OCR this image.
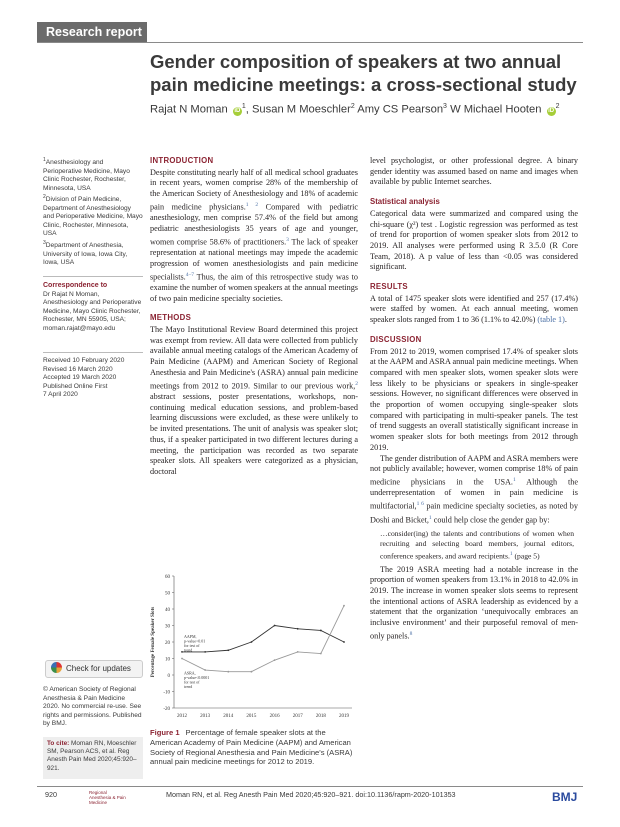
Research report
Gender composition of speakers at two annual pain medicine meetings: a cross-sectional study
Rajat N Moman $iD^1$, Susan M Moeschler$^2$ Amy CS Pearson$^3$ W Michael Hooten $iD^2$
$^1$Anesthesiology and Perioperative Medicine, Mayo Clinic Rochester, Rochester, Minnesota, USA
$^2$Division of Pain Medicine, Department of Anesthesiology and Perioperative Medicine, Mayo Clinic, Rochester, Minnesota, USA
$^3$Department of Anesthesia, University of Iowa, Iowa City, Iowa, USA
Correspondence to
Dr Rajat N Moman, Anesthesiology and Perioperative Medicine, Mayo Clinic Rochester, Rochester, MN 55905, USA; moman.rajat@mayo.edu
Received 10 February 2020
Revised 16 March 2020
Accepted 19 March 2020
Published Online First
7 April 2020
Check for updates
© American Society of Regional Anesthesia & Pain Medicine 2020. No commercial re-use. See rights and permissions. Published by BMJ.
To cite: Moman RN, Moeschler SM, Pearson ACS, et al. Reg Anesth Pain Med 2020;45:920–921.
INTRODUCTION

Despite constituting nearly half of all medical school graduates in recent years, women comprise 28% of the membership of the American Society of Anesthesiology and 18% of academic pain medicine physicians.$^{1 2}$ Compared with pediatric anesthesiology, men comprise 57.4% of the field but among pediatric anesthesiologists 35 years of age and younger, women comprise 58.6% of practitioners.$^3$ The lack of speaker representation at national meetings may impede the academic progression of women anesthesiologists and pain medicine specialists.$^{4-7}$ Thus, the aim of this retrospective study was to examine the number of women speakers at the annual meetings of two pain medicine specialty societies.

METHODS

The Mayo Institutional Review Board determined this project was exempt from review. All data were collected from publicly available annual meeting catalogs of the American Academy of Pain Medicine (AAPM) and American Society of Regional Anesthesia and Pain Medicine's (ASRA) annual pain medicine meetings from 2012 to 2019. Similar to our previous work,$^2$ abstract sessions, poster presentations, workshops, non-continuing medical education sessions, and problem-based learning discussions were excluded, as these were unlikely to be invited presentations. The unit of analysis was speaker slot; thus, if a speaker participated in two different lectures during a meeting, the participation was recorded as two separate speaker slots. All speakers were categorized as a physician, doctoral

level psychologist, or other professional degree. A binary gender identity was assumed based on name and images when available by public Internet searches.

Statistical analysis

Categorical data were summarized and compared using the chi-square (χ²) test . Logistic regression was performed as test of trend for proportion of women speaker slots from 2012 to 2019. All analyses were performed using R 3.5.0 (R Core Team, 2018). A p value of less than <0.05 was considered significant.

RESULTS

A total of 1475 speaker slots were identified and 257 (17.4%) were staffed by women. At each annual meeting, women speaker slots ranged from 1 to 36 (1.1% to 42.0%) (table 1).

DISCUSSION

From 2012 to 2019, women comprised 17.4% of speaker slots at the AAPM and ASRA annual pain medicine meetings. When compared with men speaker slots, women speaker slots were less likely to be physicians or speakers in single-speaker sessions. However, no significant differences were observed in the proportion of women occupying single-speaker slots compared with participating in multi-speaker panels. The test of trend suggests an overall statistically significant increase in women speaker slots for both meetings from 2012 through 2019.

The gender distribution of AAPM and ASRA members were not publicly available; however, women comprise 18% of pain medicine physicians in the USA.$^1$ Although the underrepresentation of women in pain medicine is multifactorial,$^{1 6}$ pain medicine specialty societies, as noted by Doshi and Bicket,$^1$ could help close the gender gap by:

…consider(ing) the talents and contributions of women when recruiting and selecting board members, journal editors, conference speakers, and award recipients.$^1$ (page 5)

The 2019 ASRA meeting had a notable increase in the proportion of women speakers from 13.1% in 2018 to 42.0% in 2019. The increase in women speaker slots seems to represent the intentional actions of ASRA leadership as evidenced by a statement that the organization ‘unequivocally embraces an inclusive environment’ and their purposeful removal of men-only panels.$^8$

-20
-10
0
10
20
30
40
50
60
2012	2013	2014	2015	2016	2017	2018	2019
Percentage Female Speaker Slots	AAPM, p-value<0.01 for test of trend
ASRA, p-value<0.0001 for test of trend
Figure 1 Percentage of female speaker slots at the American Academy of Pain Medicine (AAPM) and American Society of Regional Anesthesia and Pain Medicine's (ASRA) annual pain medicine meetings for 2012 to 2019.
920	Regional Anesthesia & Pain Medicine
Moman RN, et al. Reg Anesth Pain Med 2020;45:920–921. doi:10.1136/rapm-2020-101353	BMJ
